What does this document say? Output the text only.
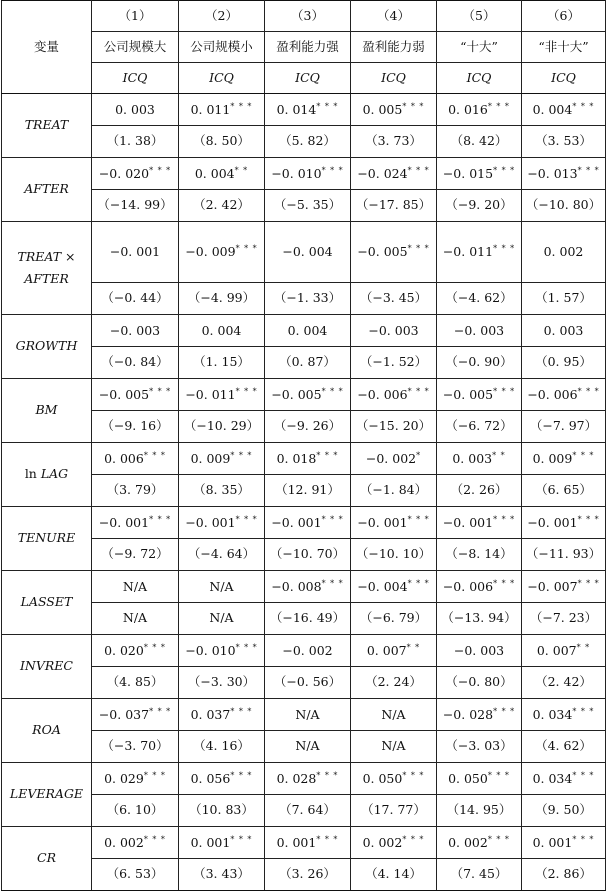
变量	（1）	（2）	（3）	（4）	（5）	（6）
	公司规模大	公司规模小	盈利能力强	盈利能力弱	“十大”	“非十大”
	ICQ	ICQ	ICQ	ICQ	ICQ	ICQ
TREAT	0. 003	0. 011* * *	0. 014* * *	0. 005* * *	0. 016* * *	0. 004* * *
	（1. 38）	（8. 50）	（5. 82）	（3. 73）	（8. 42）	（3. 53）
AFTER	−0. 020* * *	0. 004* *	−0. 010* * *	−0. 024* * *	−0. 015* * *	−0. 013* * *
	（−14. 99）	（2. 42）	（−5. 35）	（−17. 85）	（−9. 20）	（−10. 80）

TREAT ×
AFTER	−0. 001	−0. 009* * *	−0. 004	−0. 005* * *	−0. 011* * *	0. 002
	（−0. 44）	（−4. 99）	（−1. 33）	（−3. 45）	（−4. 62）	（1. 57）
GROWTH	−0. 003	0. 004	0. 004	−0. 003	−0. 003	0. 003
	（−0. 84）	（1. 15）	（0. 87）	（−1. 52）	（−0. 90）	（0. 95）
BM	−0. 005* * *	−0. 011* * *	−0. 005* * *	−0. 006* * *	−0. 005* * *	−0. 006* * *
	（−9. 16）	（−10. 29）	（−9. 26）	（−15. 20）	（−6. 72）	（−7. 97）
ln LAG	0. 006* * *	0. 009* * *	0. 018* * *	−0. 002*	0. 003* *	0. 009* * *
	（3. 79）	（8. 35）	（12. 91）	（−1. 84）	（2. 26）	（6. 65）
TENURE	−0. 001* * *	−0. 001* * *	−0. 001* * *	−0. 001* * *	−0. 001* * *	−0. 001* * *
	（−9. 72）	（−4. 64）	（−10. 70）	（−10. 10）	（−8. 14）	（−11. 93）
LASSET	N/A	N/A	−0. 008* * *	−0. 004* * *	−0. 006* * *	−0. 007* * *
	N/A	N/A	（−16. 49）	（−6. 79）	（−13. 94）	（−7. 23）
INVREC	0. 020* * *	−0. 010* * *	−0. 002	0. 007* *	−0. 003	0. 007* *
	（4. 85）	（−3. 30）	（−0. 56）	（2. 24）	（−0. 80）	（2. 42）
ROA	−0. 037* * *	0. 037* * *	N/A	N/A	−0. 028* * *	0. 034* * *
	（−3. 70）	（4. 16）	N/A	N/A	（−3. 03）	（4. 62）
LEVERAGE	0. 029* * *	0. 056* * *	0. 028* * *	0. 050* * *	0. 050* * *	0. 034* * *
	（6. 10）	（10. 83）	（7. 64）	（17. 77）	（14. 95）	（9. 50）
CR	0. 002* * *	0. 001* * *	0. 001* * *	0. 002* * *	0. 002* * *	0. 001* * *
	（6. 53）	（3. 43）	（3. 26）	（4. 14）	（7. 45）	（2. 86）
